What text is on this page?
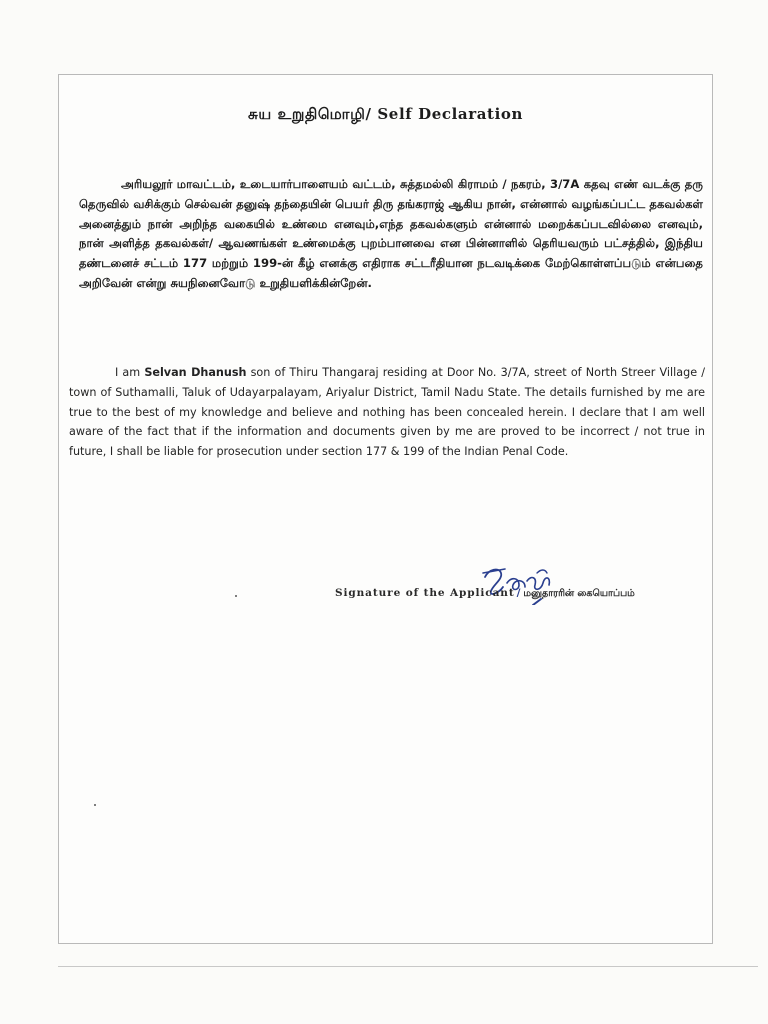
சுய உறுதிமொழி/ Self Declaration

அரியலூர் மாவட்டம், உடையார்பாளையம் வட்டம், சுத்தமல்லி கிராமம் / நகரம், 3/7A கதவு எண் வடக்கு தரு தெருவில் வசிக்கும் செல்வன் தனுஷ் தந்தையின் பெயர் திரு தங்கராஜ் ஆகிய நான், என்னால் வழங்கப்பட்ட தகவல்கள் அனைத்தும் நான் அறிந்த வகையில் உண்மை எனவும்,எந்த தகவல்களும் என்னால் மறைக்கப்படவில்லை எனவும், நான் அளித்த தகவல்கள்/ ஆவணங்கள் உண்மைக்கு புறம்பானவை என பின்னாளில் தெரியவரும் பட்சத்தில், இந்திய தண்டனைச் சட்டம் 177 மற்றும் 199-ன் கீழ் எனக்கு எதிராக சட்டரீதியான நடவடிக்கை மேற்கொள்ளப்படும் என்பதை அறிவேன் என்று சுயநினைவோடு உறுதியளிக்கின்றேன்.

I am Selvan Dhanush son of Thiru Thangaraj residing at Door No. 3/7A, street of North Streer Village / town of Suthamalli, Taluk of Udayarpalayam, Ariyalur District, Tamil Nadu State. The details furnished by me are true to the best of my knowledge and believe and nothing has been concealed herein. I declare that I am well aware of the fact that if the information and documents given by me are proved to be incorrect / not true in future, I shall be liable for prosecution under section 177 & 199 of the Indian Penal Code.

Signature of the Applicant / மனுதாரரின் கையொப்பம்
